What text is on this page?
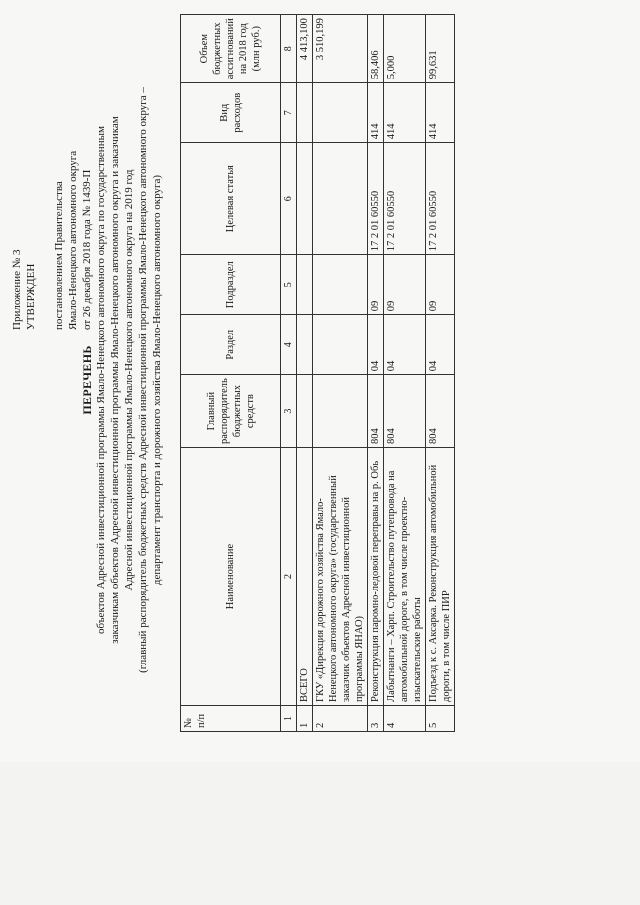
Приложение № 3 УТВЕРЖДЕН постановлением Правительства Ямало-Ненецкого автономного округа от 26 декабря 2018 года № 1439-П
ПЕРЕЧЕНЬ объектов Адресной инвестиционной программы Ямало-Ненецкого автономного округа по государственным заказчикам объектов Адресной инвестиционной программы Ямало-Ненецкого автономного округа и заказчикам Адресной инвестиционной программы Ямало-Ненецкого автономного округа на 2019 год (главный распорядитель бюджетных средств Адресной инвестиционной программы Ямало-Ненецкого автономного округа – департамент транспорта и дорожного хозяйства Ямало-Ненецкого автономного округа)
№ п/п	Наименование	Главный распорядитель бюджетных средств	Раздел	Подраздел	Целевая статья	Вид расходов	Объем бюджетных ассигнований на 2018 год (млн руб.)
1	2	3	4	5	6	7	8
1	ВСЕГО						4 413,100
2	ГКУ «Дирекция дорожного хозяйства Ямало-Ненецкого автономного округа» (государственный заказчик объектов Адресной инвестиционной программы ЯНАО)						3 510,199
3	Реконструкция паромно-ледовой переправы на р. Обь	804	04	09	17 2 01 60550	414	58,406
4	Лабытнанги – Харп. Строительство путепровода на автомобильной дороге, в том числе проектно-изыскательские работы	804	04	09	17 2 01 60550	414	5,000
5	Подъезд к с. Аксарка. Реконструкция автомобильной дороги, в том числе ПИР	804	04	09	17 2 01 60550	414	99,631
